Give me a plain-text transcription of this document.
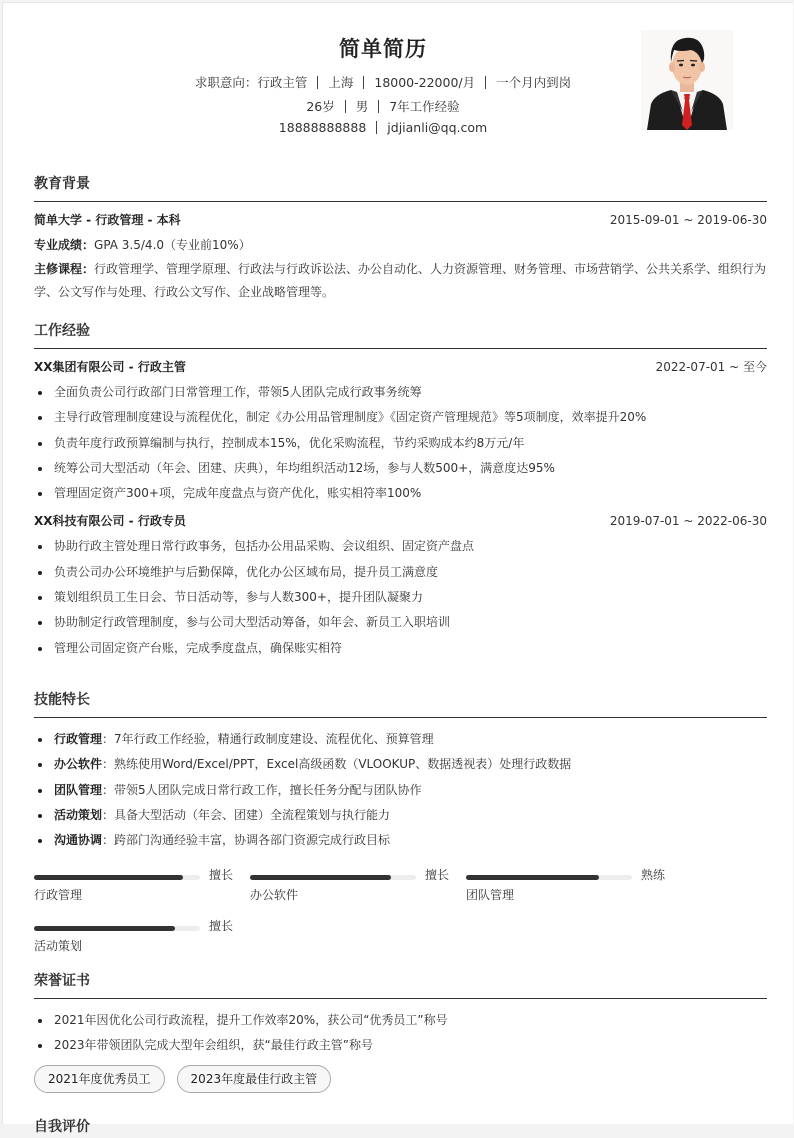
简单简历
求职意向：行政主管 上海 18000-22000/月 一个月内到岗
26岁 男 7年工作经验
18888888888 jdjianli@qq.com
教育背景
简单大学 - 行政管理 - 本科	2015-09-01 ~ 2019-06-30
专业成绩：GPA 3.5/4.0（专业前10%）
主修课程：行政管理学、管理学原理、行政法与行政诉讼法、办公自动化、人力资源管理、财务管理、市场营销学、公共关系学、组织行为学、公文写作与处理、行政公文写作、企业战略管理等。
工作经验
XX集团有限公司 - 行政主管	2022-07-01 ~ 至今
全面负责公司行政部门日常管理工作，带领5人团队完成行政事务统筹
主导行政管理制度建设与流程优化，制定《办公用品管理制度》《固定资产管理规范》等5项制度，效率提升20%
负责年度行政预算编制与执行，控制成本15%，优化采购流程，节约采购成本约8万元/年
统筹公司大型活动（年会、团建、庆典），年均组织活动12场，参与人数500+，满意度达95%
管理固定资产300+项，完成年度盘点与资产优化，账实相符率100%
XX科技有限公司 - 行政专员	2019-07-01 ~ 2022-06-30
协助行政主管处理日常行政事务，包括办公用品采购、会议组织、固定资产盘点
负责公司办公环境维护与后勤保障，优化办公区域布局，提升员工满意度
策划组织员工生日会、节日活动等，参与人数300+，提升团队凝聚力
协助制定行政管理制度，参与公司大型活动筹备，如年会、新员工入职培训
管理公司固定资产台账，完成季度盘点，确保账实相符
技能特长
行政管理：7年行政工作经验，精通行政制度建设、流程优化、预算管理
办公软件：熟练使用Word/Excel/PPT，Excel高级函数（VLOOKUP、数据透视表）处理行政数据
团队管理：带领5人团队完成日常行政工作，擅长任务分配与团队协作
活动策划：具备大型活动（年会、团建）全流程策划与执行能力
沟通协调：跨部门沟通经验丰富，协调各部门资源完成行政目标
擅长
行政管理
擅长
办公软件
熟练
团队管理
擅长
活动策划
荣誉证书
2021年因优化公司行政流程，提升工作效率20%，获公司“优秀员工”称号
2023年带领团队完成大型年会组织，获“最佳行政主管”称号
2021年度优秀员工	2023年度最佳行政主管
自我评价
